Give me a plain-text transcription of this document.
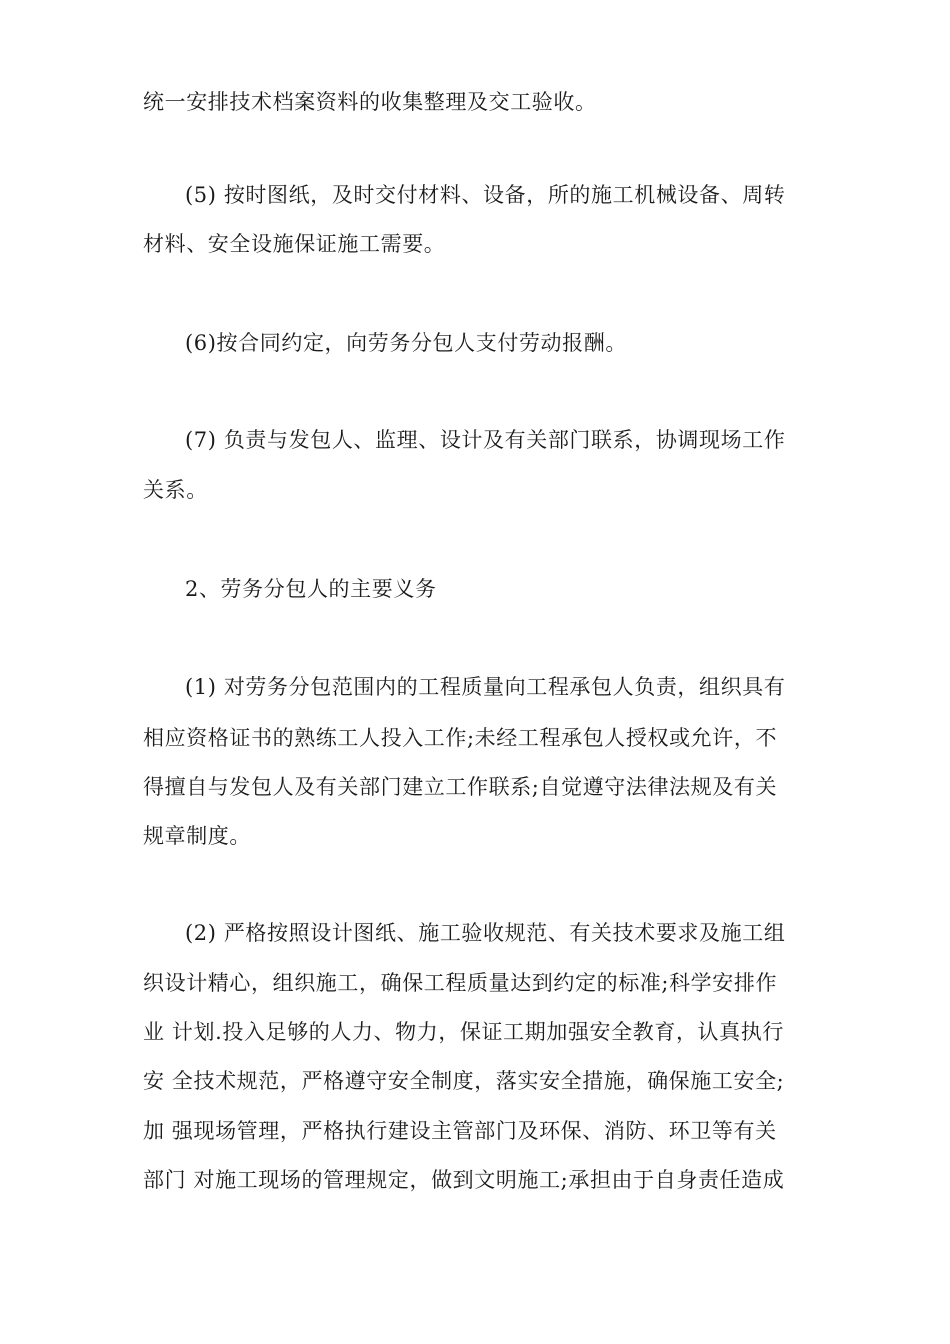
统一安排技术档案资料的收集整理及交工验收。
(5) 按时图纸，及时交付材料、设备，所的施工机械设备、周转
材料、安全设施保证施工需要。
(6)按合同约定，向劳务分包人支付劳动报酬。
(7) 负责与发包人、监理、设计及有关部门联系，协调现场工作
关系。
2、劳务分包人的主要义务
(1) 对劳务分包范围内的工程质量向工程承包人负责，组织具有
相应资格证书的熟练工人投入工作;未经工程承包人授权或允许，不
得擅自与发包人及有关部门建立工作联系;自觉遵守法律法规及有关
规章制度。
(2) 严格按照设计图纸、施工验收规范、有关技术要求及施工组
织设计精心，组织施工，确保工程质量达到约定的标准;科学安排作
业 计划.投入足够的人力、物力，保证工期加强安全教育，认真执行
安 全技术规范，严格遵守安全制度，落实安全措施，确保施工安全;
加 强现场管理，严格执行建设主管部门及环保、消防、环卫等有关
部门 对施工现场的管理规定，做到文明施工;承担由于自身责任造成
